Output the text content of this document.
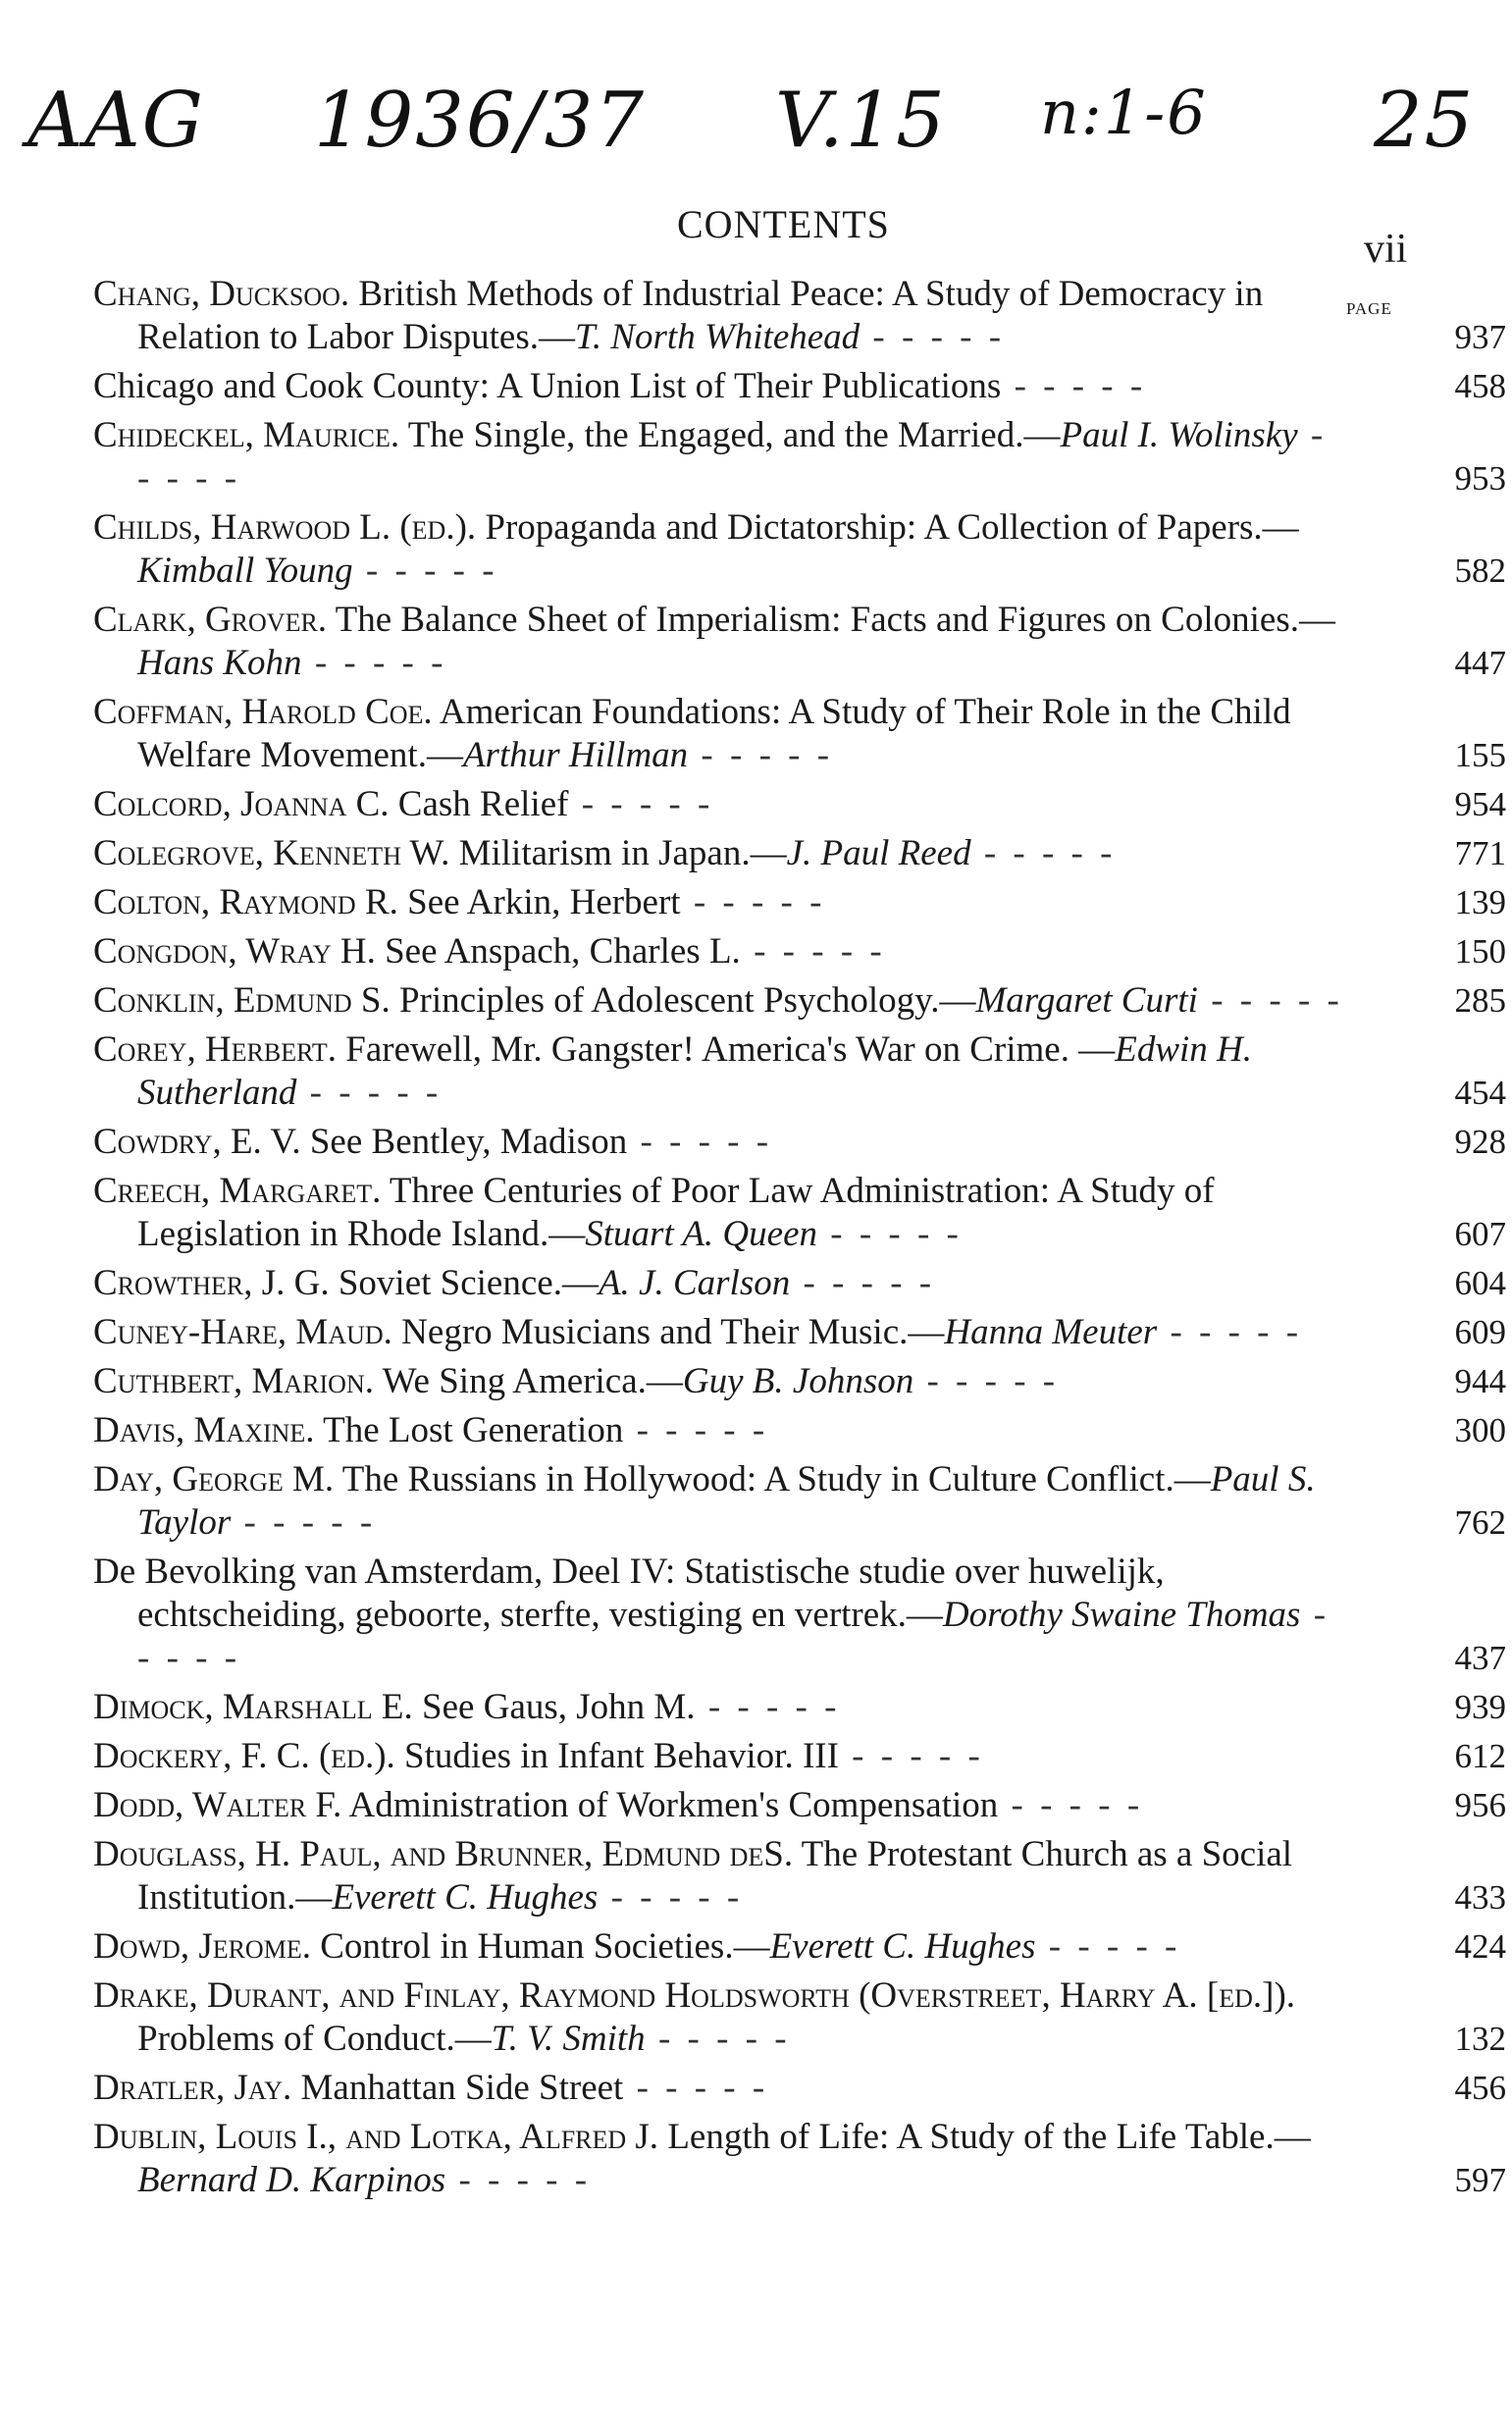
AAG 1936/37 V.15 n:1-6 25
CONTENTS
vii
PAGE
Chang, Ducksoo. British Methods of Industrial Peace: A Study of Democracy in Relation to Labor Disputes.—T. North Whitehead - - - - -	937
Chicago and Cook County: A Union List of Their Publications - - - - -	458
Chideckel, Maurice. The Single, the Engaged, and the Married.—Paul I. Wolinsky - - - - -	953
Childs, Harwood L. (ed.). Propaganda and Dictatorship: A Collection of Papers.—Kimball Young - - - - -	582
Clark, Grover. The Balance Sheet of Imperialism: Facts and Figures on Colonies.—Hans Kohn - - - - -	447
Coffman, Harold Coe. American Foundations: A Study of Their Role in the Child Welfare Movement.—Arthur Hillman - - - - -	155
Colcord, Joanna C. Cash Relief - - - - -	954
Colegrove, Kenneth W. Militarism in Japan.—J. Paul Reed - - - - -	771
Colton, Raymond R. See Arkin, Herbert - - - - -	139
Congdon, Wray H. See Anspach, Charles L. - - - - -	150
Conklin, Edmund S. Principles of Adolescent Psychology.—Margaret Curti - - - - -	285
Corey, Herbert. Farewell, Mr. Gangster! America's War on Crime. —Edwin H. Sutherland - - - - -	454
Cowdry, E. V. See Bentley, Madison - - - - -	928
Creech, Margaret. Three Centuries of Poor Law Administration: A Study of Legislation in Rhode Island.—Stuart A. Queen - - - - -	607
Crowther, J. G. Soviet Science.—A. J. Carlson - - - - -	604
Cuney-Hare, Maud. Negro Musicians and Their Music.—Hanna Meuter - - - - -	609
Cuthbert, Marion. We Sing America.—Guy B. Johnson - - - - -	944
Davis, Maxine. The Lost Generation - - - - -	300
Day, George M. The Russians in Hollywood: A Study in Culture Conflict.—Paul S. Taylor - - - - -	762
De Bevolking van Amsterdam, Deel IV: Statistische studie over huwelijk, echtscheiding, geboorte, sterfte, vestiging en vertrek.—Dorothy Swaine Thomas - - - - -	437
Dimock, Marshall E. See Gaus, John M. - - - - -	939
Dockery, F. C. (ed.). Studies in Infant Behavior. III - - - - -	612
Dodd, Walter F. Administration of Workmen's Compensation - - - - -	956
Douglass, H. Paul, and Brunner, Edmund deS. The Protestant Church as a Social Institution.—Everett C. Hughes - - - - -	433
Dowd, Jerome. Control in Human Societies.—Everett C. Hughes - - - - -	424
Drake, Durant, and Finlay, Raymond Holdsworth (Overstreet, Harry A. [ed.]). Problems of Conduct.—T. V. Smith - - - - -	132
Dratler, Jay. Manhattan Side Street - - - - -	456
Dublin, Louis I., and Lotka, Alfred J. Length of Life: A Study of the Life Table.—Bernard D. Karpinos - - - - -	597
